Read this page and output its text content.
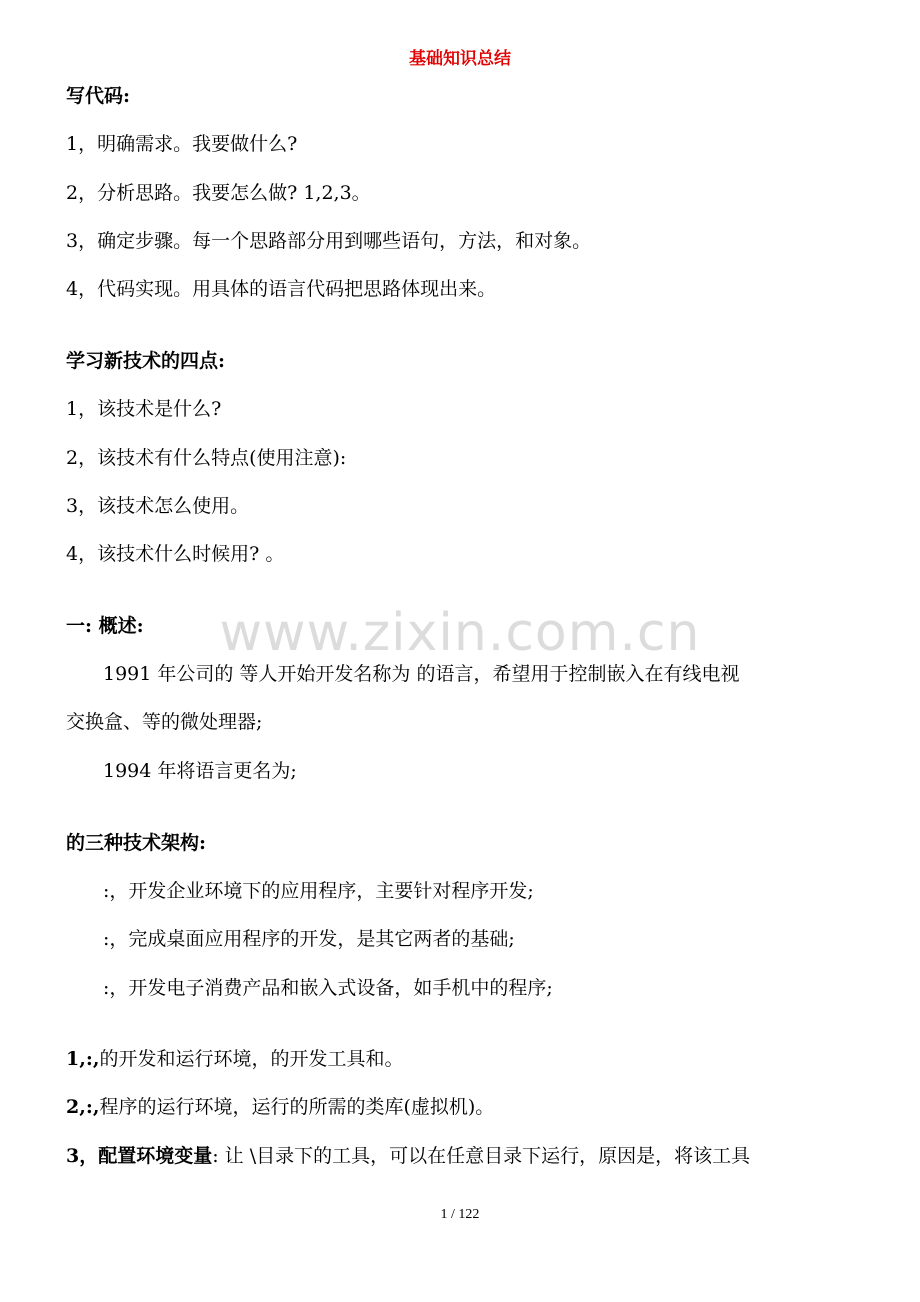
基础知识总结
www.zixin.com.cn
写代码:
1，明确需求。我要做什么?
2，分析思路。我要怎么做? 1,2,3。
3，确定步骤。每一个思路部分用到哪些语句，方法，和对象。
4，代码实现。用具体的语言代码把思路体现出来。
学习新技术的四点:
1，该技术是什么?
2，该技术有什么特点(使用注意):
3，该技术怎么使用。
4，该技术什么时候用? 。
一: 概述:
1991 年公司的 等人开始开发名称为 的语言，希望用于控制嵌入在有线电视
交换盒、等的微处理器;
1994 年将语言更名为;
的三种技术架构:
:，开发企业环境下的应用程序，主要针对程序开发;
:，完成桌面应用程序的开发，是其它两者的基础;
:，开发电子消费产品和嵌入式设备，如手机中的程序;
1,:,的开发和运行环境，的开发工具和。
2,:,程序的运行环境，运行的所需的类库(虚拟机)。
3，配置环境变量: 让 \目录下的工具，可以在任意目录下运行，原因是，将该工具
1 / 122
